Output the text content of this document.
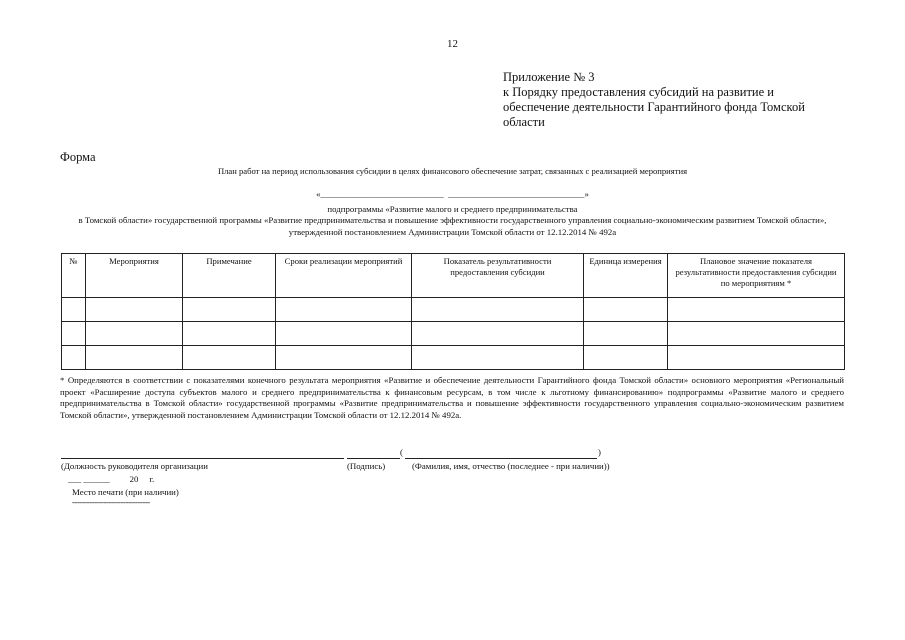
12
Приложение № 3
к Порядку предоставления субсидий на развитие и
обеспечение деятельности Гарантийного фонда Томской
области
Форма
План работ на период использования субсидии в целях финансового обеспечение затрат, связанных с реализацией мероприятия
«____________________________  _______________________________»
подпрограммы «Развитие малого и среднего предпринимательства
в Томской области» государственной программы «Развитие предпринимательства и повышение эффективности государственного управления социально-экономическим развитием Томской области», утвержденной постановлением Администрации Томской области от 12.12.2014 № 492а
№	Мероприятия	Примечание	Сроки реализации мероприятий	Показатель результативности предоставления субсидии	Единица измерения	Плановое значение показателя результативности предоставления субсидии по мероприятиям *

* Определяются в соответствии с показателями конечного результата мероприятия «Развитие и обеспечение деятельности Гарантийного фонда Томской области» основного мероприятия «Региональный проект «Расширение доступа субъектов малого и среднего предпринимательства к финансовым ресурсам, в том числе к льготному финансированию» подпрограммы «Развитие малого и среднего предпринимательства в Томской области» государственной программы «Развитие предпринимательства и повышение эффективности государственного управления социально-экономическим развитием Томской области», утвержденной постановлением Администрации Томской области от 12.12.2014 № 492а.
(	)
(Должность руководителя организации	(Подпись)	(Фамилия, имя, отчество (последнее - при наличии))
___ ______         20     г.
Место печати (при наличии)
--------------------------------
